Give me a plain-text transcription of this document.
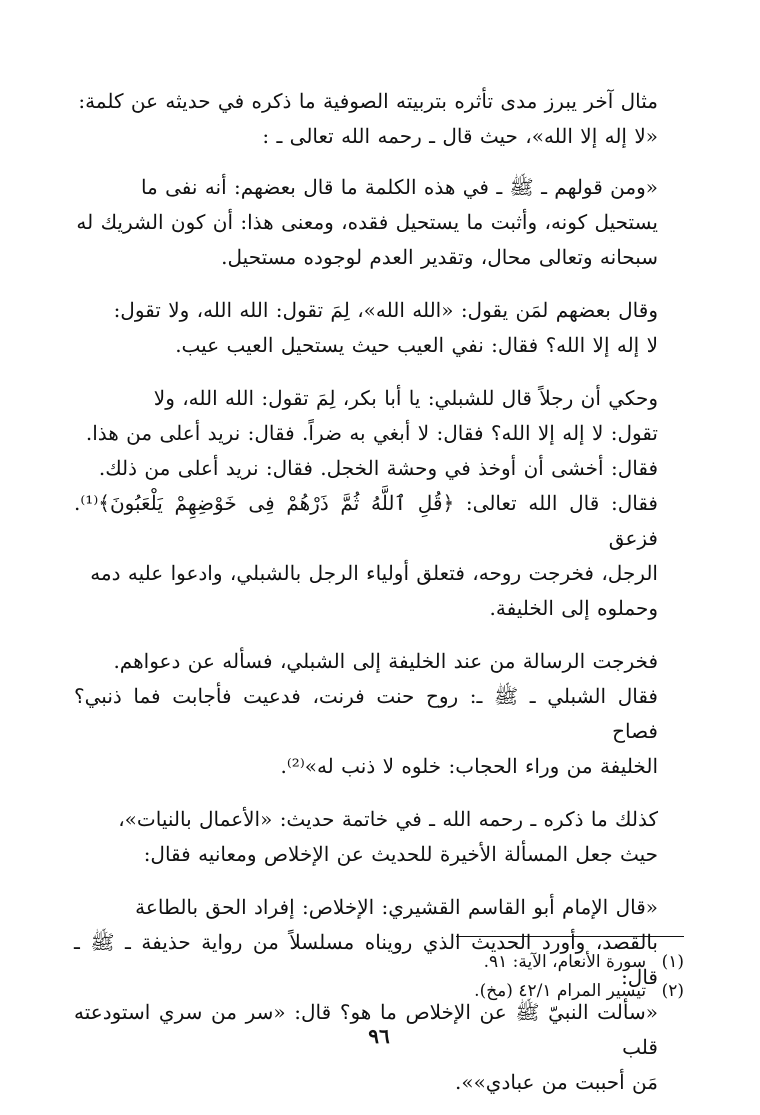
مثال آخر يبرز مدى تأثره بتربيته الصوفية ما ذكره في حديثه عن كلمة:
«لا إله إلا الله»، حيث قال ـ رحمه الله تعالى ـ :
«ومن قولهم ـ ﷺ ـ في هذه الكلمة ما قال بعضهم: أنه نفى ما
يستحيل كونه، وأثبت ما يستحيل فقده، ومعنى هذا: أن كون الشريك له
سبحانه وتعالى محال، وتقدير العدم لوجوده مستحيل.
وقال بعضهم لمَن يقول: «الله الله»، لِمَ تقول: الله الله، ولا تقول:
لا إله إلا الله؟ فقال: نفي العيب حيث يستحيل العيب عيب.
وحكي أن رجلاً قال للشبلي: يا أبا بكر، لِمَ تقول: الله الله، ولا
تقول: لا إله إلا الله؟ فقال: لا أبغي به ضراً. فقال: نريد أعلى من هذا.
فقال: أخشى أن أوخذ في وحشة الخجل. فقال: نريد أعلى من ذلك.
فقال: قال الله تعالى: ﴿قُلِ ٱللَّهُ ثُمَّ ذَرْهُمْ فِى خَوْضِهِمْ يَلْعَبُونَ﴾⁽¹⁾. فزعق
الرجل، فخرجت روحه، فتعلق أولياء الرجل بالشبلي، وادعوا عليه دمه
وحملوه إلى الخليفة.
فخرجت الرسالة من عند الخليفة إلى الشبلي، فسأله عن دعواهم.
فقال الشبلي ـ ﷺ ـ: روح حنت فرنت، فدعيت فأجابت فما ذنبي؟ فصاح
الخليفة من وراء الحجاب: خلوه لا ذنب له»⁽²⁾.
كذلك ما ذكره ـ رحمه الله ـ في خاتمة حديث: «الأعمال بالنيات»،
حيث جعل المسألة الأخيرة للحديث عن الإخلاص ومعانيه فقال:
«قال الإمام أبو القاسم القشيري: الإخلاص: إفراد الحق بالطاعة
بالقصد، وأورد الحديث الذي رويناه مسلسلاً من رواية حذيفة ـ ﷺ ـ قال:
«سألت النبيّ ﷺ عن الإخلاص ما هو؟ قال: «سر من سري استودعته قلب
مَن أحببت من عبادي»».
(١) سورة الأنعام، الآية: ٩١.
(٢) تيسير المرام ٤٢/١ (مخ).
٩٦
